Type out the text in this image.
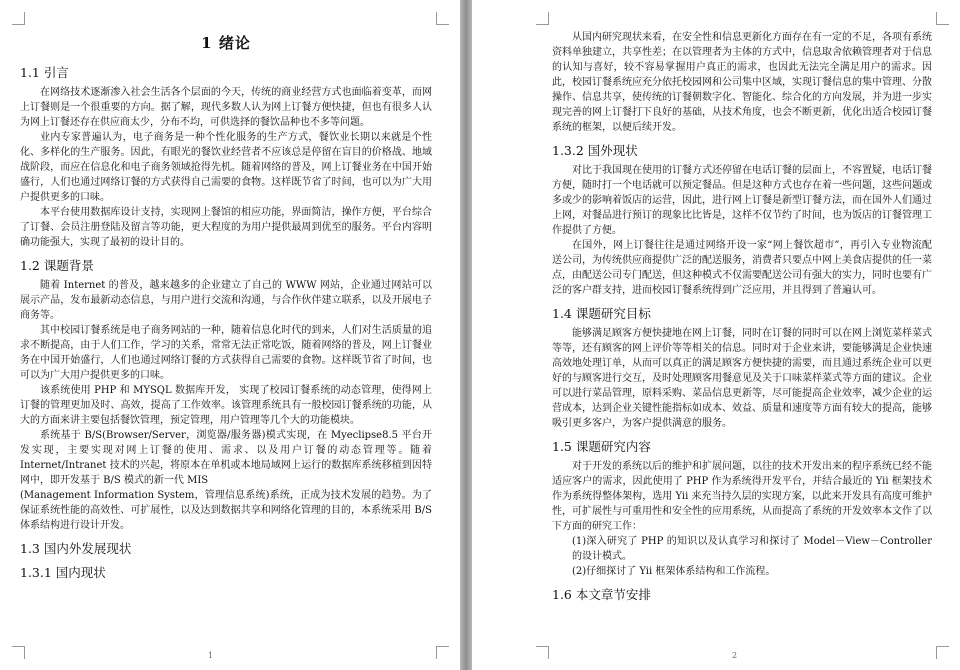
1 绪论
1.1 引言

在网络技术逐渐渗入社会生活各个层面的今天，传统的商业经营方式也面临着变革，而网上订餐则是一个很重要的方向。据了解，现代多数人认为网上订餐方便快捷，但也有很多人认为网上订餐还存在供应商太少，分布不均，可供选择的餐饮品种也不多等问题。

业内专家普遍认为，电子商务是一种个性化服务的生产方式，餐饮业长期以来就是个性化、多样化的生产服务。因此，有眼光的餐饮业经营者不应该总是停留在盲目的价格战、地域战阶段，而应在信息化和电子商务领域抢得先机。随着网络的普及，网上订餐业务在中国开始盛行，人们也通过网络订餐的方式获得自己需要的食物。这样既节省了时间，也可以为广大用户提供更多的口味。

本平台使用数据库设计支持，实现网上餐馆的相应功能，界面简洁，操作方便，平台综合了订餐、会员注册登陆及留言等功能，更大程度的为用户提供最周到优至的服务。平台内容明确功能强大，实现了最初的设计目的。

1.2 课题背景

随着 Internet 的普及，越来越多的企业建立了自己的 WWW 网站，企业通过网站可以展示产品，发布最新动态信息，与用户进行交流和沟通，与合作伙伴建立联系，以及开展电子商务等。

其中校园订餐系统是电子商务网站的一种，随着信息化时代的到来，人们对生活质量的追求不断提高，由于人们工作，学习的关系，常常无法正常吃饭，随着网络的普及，网上订餐业务在中国开始盛行，人们也通过网络订餐的方式获得自己需要的食物。这样既节省了时间，也可以为广大用户提供更多的口味。

该系统使用 PHP 和 MYSQL 数据库开发， 实现了校园订餐系统的动态管理，使得网上订餐的管理更加及时、高效，提高了工作效率。该管理系统具有一般校园订餐系统的功能，从大的方面来讲主要包括餐饮管理，预定管理，用户管理等几个大的功能模块。

系统基于 B/S(Browser/Server，浏览器/服务器)模式实现，在 Myeclipse8.5 平台开发实现，主要实现对网上订餐的使用、需求、以及用户订餐的动态管理等。随着Internet/Intranet 技术的兴起，将原本在单机或本地局域网上运行的数据库系统移植到因特网中，即开发基于 B/S 模式的新一代 MIS

(Management Information System，管理信息系统)系统，正成为技术发展的趋势。为了保证系统性能的高效性、可扩展性，以及达到数据共享和网络化管理的目的，本系统采用 B/S 体系结构进行设计开发。

1.3 国内外发展现状
1.3.1 国内现状
1

从国内研究现状来看，在安全性和信息更新化方面存在有一定的不足，各项有系统资料单独建立，共享性差；在以管理者为主体的方式中，信息取舍依赖管理者对于信息的认知与喜好，较不容易掌握用户真正的需求，也因此无法完全满足用户的需求。因此，校园订餐系统应充分依托校园网和公司集中区域，实现订餐信息的集中管理、分散操作、信息共享，使传统的订餐朝数字化、智能化、综合化的方向发展，并为进一步实现完善的网上订餐打下良好的基础，从技术角度，也会不断更新，优化出适合校园订餐系统的框架，以便后续开发。

1.3.2 国外现状

对比于我国现在使用的订餐方式还停留在电话订餐的层面上，不容置疑，电话订餐方便，随时打一个电话就可以预定餐品。但是这种方式也存在着一些问题，这些问题或多或少的影响着饭店的运营，因此，进行网上订餐是新型订餐方法，而在国外人们通过上网，对餐品进行预订的现象比比皆是，这样不仅节约了时间，也为饭店的订餐管理工作提供了方便。

在国外，网上订餐往往是通过网络开设一家“网上餐饮超市”，再引入专业物流配送公司，为传统供应商提供广泛的配送服务，消费者只要点中网上美食店提供的任一菜点，由配送公司专门配送，但这种模式不仅需要配送公司有强大的实力，同时也要有广泛的客户群支持，进而校园订餐系统得到广泛应用，并且得到了普遍认可。

1.4 课题研究目标

能够满足顾客方便快捷地在网上订餐，同时在订餐的同时可以在网上浏览菜样菜式等等，还有顾客的网上评价等等相关的信息。同时对于企业来讲，要能够满足企业快速高效地处理订单，从而可以真正的满足顾客方便快捷的需要，而且通过系统企业可以更好的与顾客进行交互，及时处理顾客用餐意见及关于口味菜样菜式等方面的建议。企业可以进行菜品管理，原料采购、菜品信息更新等，尽可能提高企业效率，减少企业的运营成本，达到企业关键性能指标如成本、效益、质量和速度等方面有较大的提高，能够吸引更多客户，为客户提供满意的服务。

1.5 课题研究内容

对于开发的系统以后的维护和扩展问题，以往的技术开发出来的程序系统已经不能适应客户的需求，因此使用了 PHP 作为系统得开发平台，并结合最近的 Yii 框架技术作为系统得整体架构，选用 Yii 来充当持久层的实现方案，以此来开发具有高度可维护性，可扩展性与可重用性和安全性的应用系统，从而提高了系统的开发效率本文作了以下方面的研究工作：

(1)深入研究了 PHP 的知识以及认真学习和探讨了 Model－View－Controller 的设计模式。

(2)仔细探讨了 Yii 框架体系结构和工作流程。

1.6 本文章节安排
2
